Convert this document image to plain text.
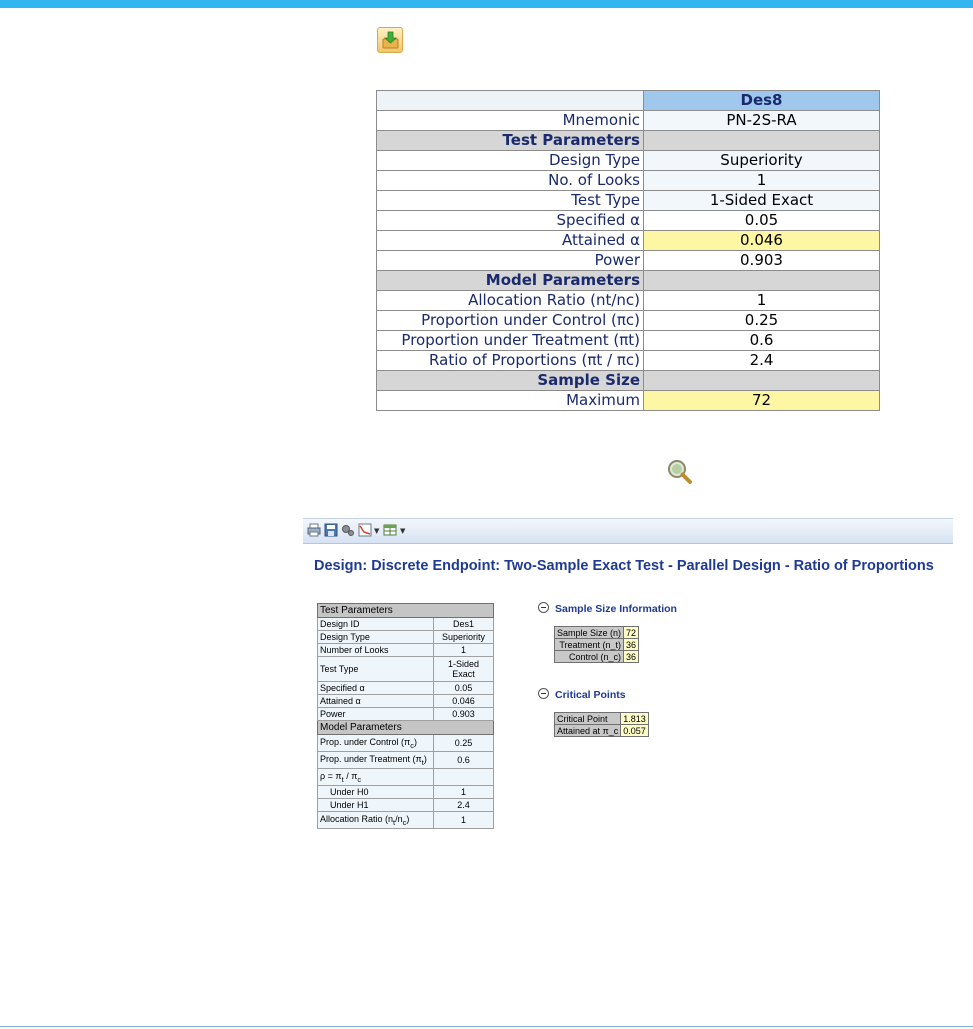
	Des8
Mnemonic	PN-2S-RA
Test Parameters	
Design Type	Superiority
No. of Looks	1
Test Type	1-Sided Exact
Specified α	0.05
Attained α	0.046
Power	0.903
Model Parameters	
Allocation Ratio (nt/nc)	1
Proportion under Control (πc)	0.25
Proportion under Treatment (πt)	0.6
Ratio of Proportions (πt / πc)	2.4
Sample Size	
Maximum	72
▼	▼
Design: Discrete Endpoint: Two-Sample Exact Test - Parallel Design - Ratio of Proportions
Test Parameters	
Design ID	Des1
Design Type	Superiority
Number of Looks	1
Test Type	1-Sided
Exact
Specified α	0.05
Attained α	0.046
Power	0.903
Model Parameters	
Prop. under Control $(\pi_c)$	0.25
Prop. under Treatment $(\pi_t)$	0.6
$\rho = \pi_t / \pi_c$	
Under H0	1
Under H1	2.4
Allocation Ratio $(n_t/n_c)$	1
Sample Size Information
Sample Size (n)	72
Treatment (n_t)	36
Control (n_c)	36
Critical Points
Critical Point	1.813
Attained at π_c	0.057
